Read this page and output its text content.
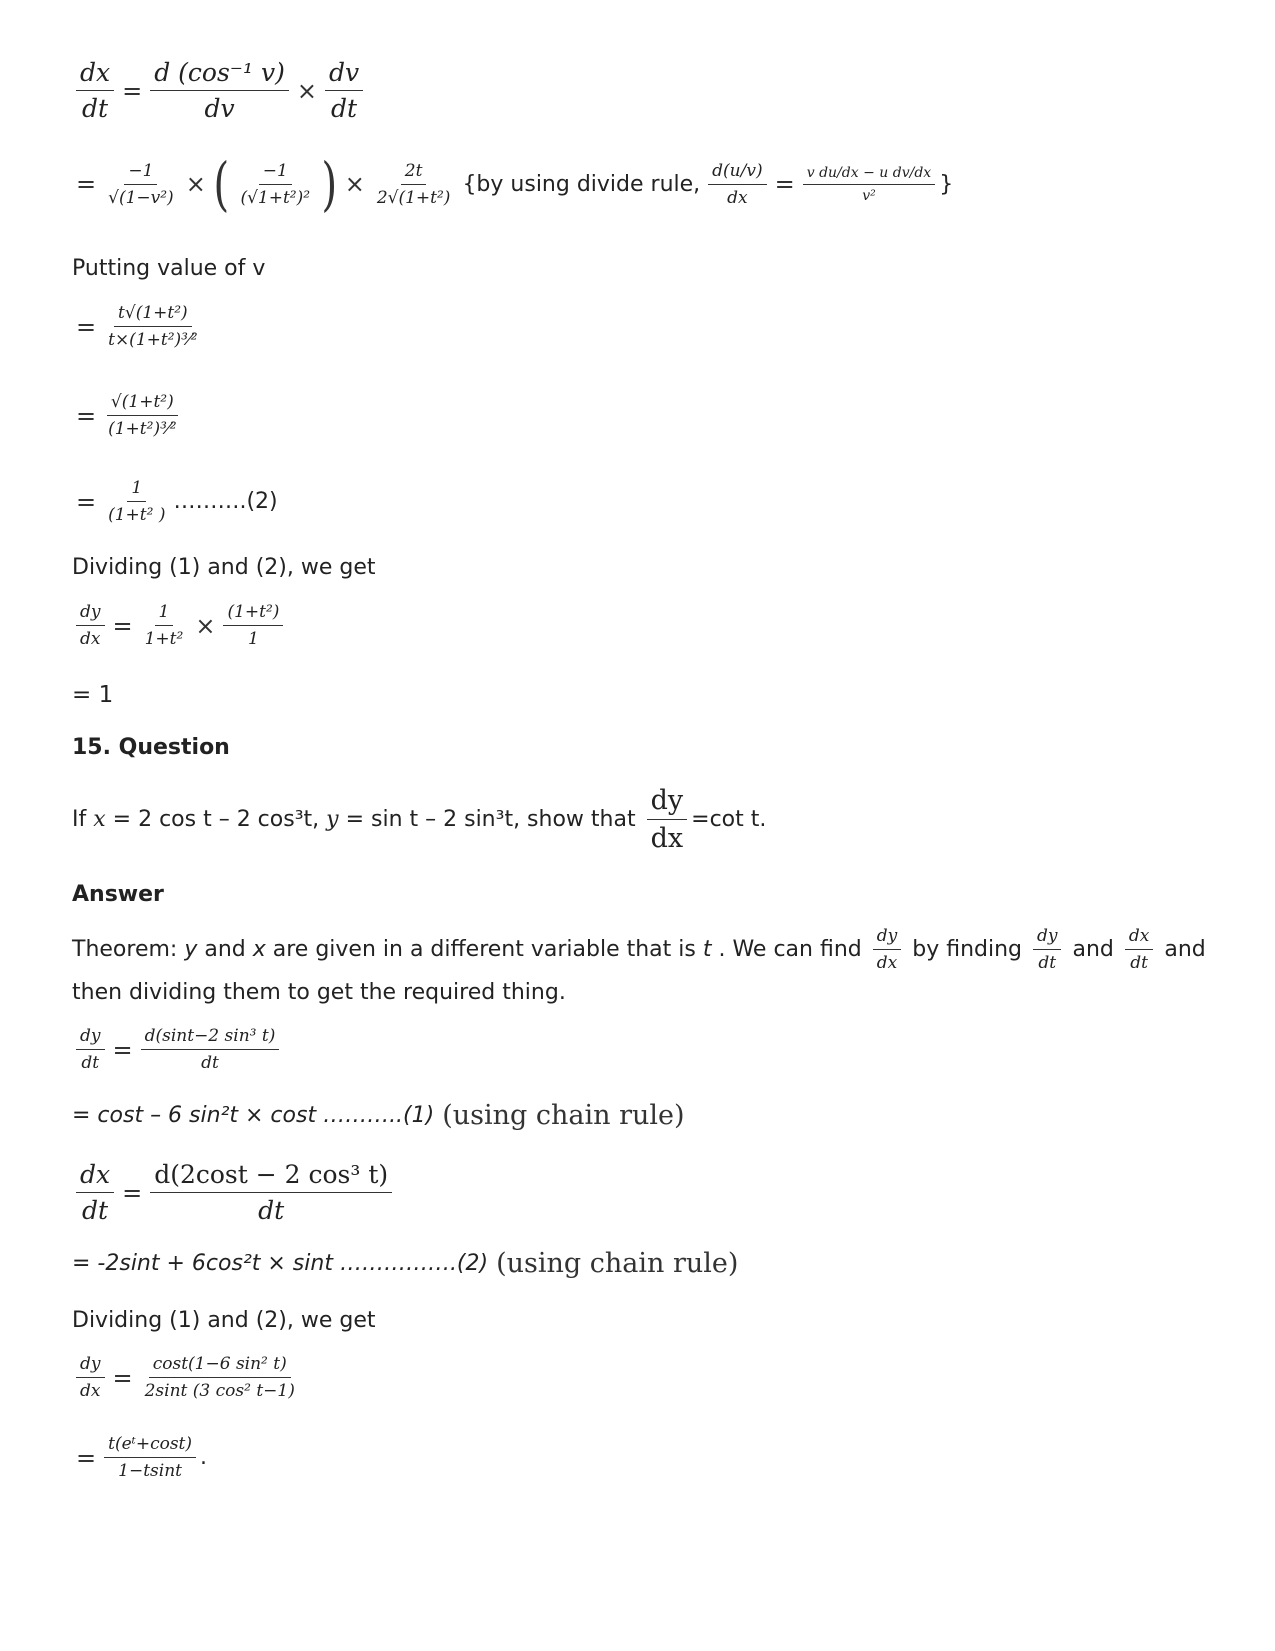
$\frac{dx}{dt} = \frac{\text{d (cos⁻¹ v)}}{dv} \times \frac{dv}{dt}$
= $\frac{-1}{\text{√(1−v²)}}$ × ( $\frac{-1}{\text{(√1+t²)²}}$ ) × $\frac{2t}{\text{2√(1+t²)}} \{by$ using divide rule, $\frac{d(u/v)}{dx} = \frac{\text{v du/dx − u dv/dx}}{\text{v²}}$ }
Putting value of v
= $\frac{\text{t√(1+t²)}}{\text{t×(1+t²)³⁄²}}$
= $\frac{\text{√(1+t²)}}{\text{(1+t²)³⁄²}}$
= $\frac{1}{\text{(1+t² )}}$ ……….(2)
Dividing (1) and (2), we get
$\frac{dy}{dx} = \frac{1}{\text{1+t²}} \times \frac{\text{(1+t²)}}{1}$
= 1
15. Question
If x = 2 cos t – 2 cos³t, y = sin t – 2 sin³t, show that $\frac{dy}{dx} =\cot$ t.
Answer
Theorem: y and x are given in a different variable that is t . We can find $\frac{dy}{dx}$ by finding $\frac{dy}{dt}$ and $\frac{dx}{dt}$ and
then dividing them to get the required thing.
$\frac{dy}{dt} = \frac{\text{d(sint−2 sin³ t)}}{dt}$
= cost – 6 sin²t × cost ………..(1) (using chain rule)
$\frac{dx}{dt} = \frac{\text{d(2cost − 2 cos³ t)}}{dt}$
= -2sint + 6cos²t × sint …………….(2) (using chain rule)
Dividing (1) and (2), we get
$\frac{dy}{dx} = \frac{\text{cost(1−6 sin² t)}}{\text{2sint (3 cos² t−1)}}$
= $\frac{\text{t(eᵗ+cost)}}{1-tsint}$ .
